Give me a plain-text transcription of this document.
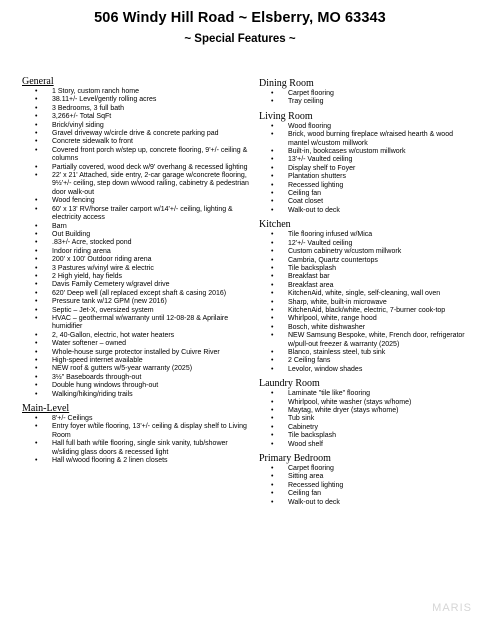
506 Windy Hill Road ~ Elsberry, MO 63343
~ Special Features ~
General
• 1 Story, custom ranch home
• 38.11+/- Level/gently rolling acres
• 3 Bedrooms, 3 full bath
• 3,266+/- Total SqFt
• Brick/vinyl siding
• Gravel driveway w/circle drive & concrete parking pad
• Concrete sidewalk to front
• Covered front porch w/step up, concrete flooring, 9'+/- ceiling & columns
• Partially covered, wood deck w/9' overhang & recessed lighting
• 22' x 21' Attached, side entry, 2-car garage w/concrete flooring, 9½'+/- ceiling, step down w/wood railing, cabinetry & pedestrian door walk-out
• Wood fencing
• 60' x 13' RV/horse trailer carport w/14'+/- ceiling, lighting & electricity access
• Barn
• Out Building
• .83+/- Acre, stocked pond
• Indoor riding arena
• 200' x 100' Outdoor riding arena
• 3 Pastures w/vinyl wire & electric
• 2 High yield, hay fields
• Davis Family Cemetery w/gravel drive
• 620' Deep well (all replaced except shaft & casing 2016)
• Pressure tank w/12 GPM (new 2016)
• Septic – Jet-X, oversized system
• HVAC – geothermal w/warranty until 12-08-28 & Aprilaire humidifier
• 2, 40-Gallon, electric, hot water heaters
• Water softener – owned
• Whole-house surge protector installed by Cuivre River
• High-speed internet available
• NEW roof & gutters w/5-year warranty (2025)
• 3½" Baseboards through-out
• Double hung windows through-out
• Walking/hiking/riding trails
Main-Level
• 8'+/- Ceilings
• Entry foyer w/tile flooring, 13'+/- ceiling & display shelf to Living Room
• Hall full bath w/tile flooring, single sink vanity, tub/shower w/sliding glass doors & recessed light
• Hall w/wood flooring & 2 linen closets
Dining Room
• Carpet flooring
• Tray ceiling
Living Room
• Wood flooring
• Brick, wood burning fireplace w/raised hearth & wood mantel w/custom millwork
• Built-in, bookcases w/custom millwork
• 13'+/- Vaulted ceiling
• Display shelf to Foyer
• Plantation shutters
• Recessed lighting
• Ceiling fan
• Coat closet
• Walk-out to deck
Kitchen
• Tile flooring infused w/Mica
• 12'+/- Vaulted ceiling
• Custom cabinetry w/custom millwork
• Cambria, Quartz countertops
• Tile backsplash
• Breakfast bar
• Breakfast area
• KitchenAid, white, single, self-cleaning, wall oven
• Sharp, white, built-in microwave
• KitchenAid, black/white, electric, 7-burner cook-top
• Whirlpool, white, range hood
• Bosch, white dishwasher
• NEW Samsung Bespoke, white, French door, refrigerator w/pull-out freezer & warranty (2025)
• Blanco, stainless steel, tub sink
• 2 Ceiling fans
• Levolor, window shades
Laundry Room
• Laminate "tile like" flooring
• Whirlpool, white washer (stays w/home)
• Maytag, white dryer (stays w/home)
• Tub sink
• Cabinetry
• Tile backsplash
• Wood shelf
Primary Bedroom
• Carpet flooring
• Sitting area
• Recessed lighting
• Ceiling fan
• Walk-out to deck
MARIS
